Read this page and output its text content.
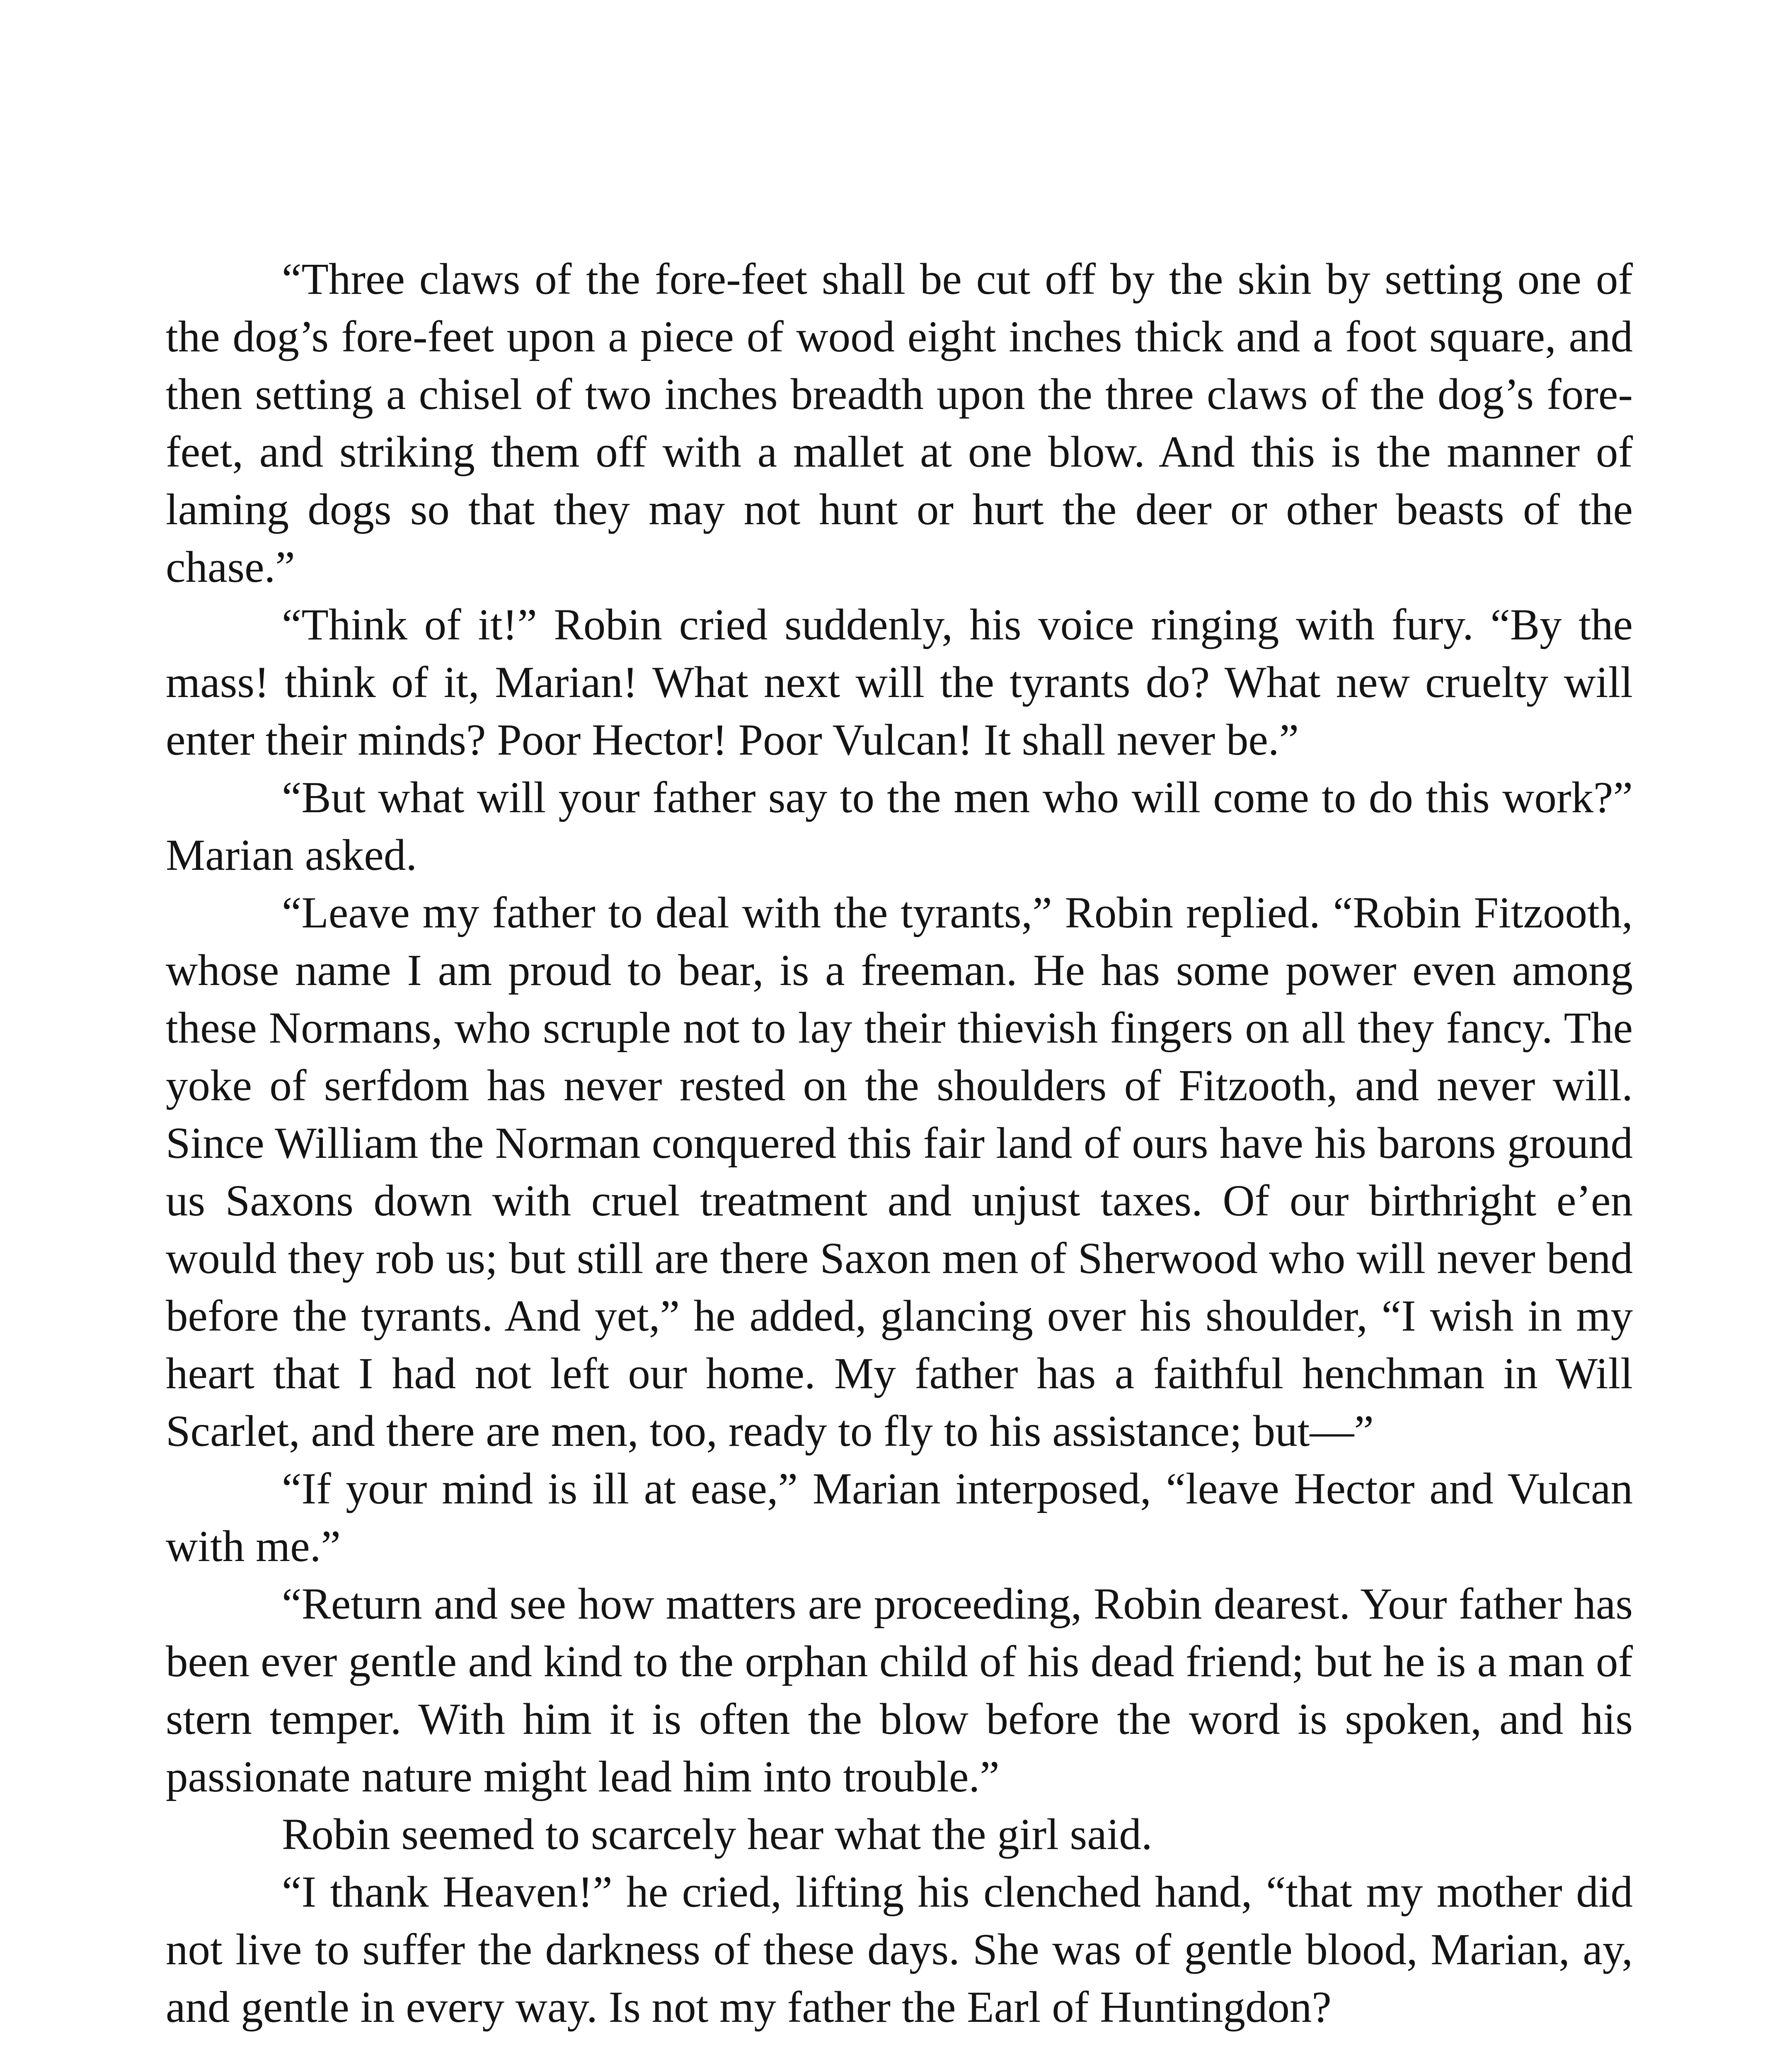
“Three claws of the fore-feet shall be cut off by the skin by setting one of the dog’s fore-feet upon a piece of wood eight inches thick and a foot square, and then setting a chisel of two inches breadth upon the three claws of the dog’s fore-feet, and striking them off with a mallet at one blow. And this is the manner of laming dogs so that they may not hunt or hurt the deer or other beasts of the chase.”

“Think of it!” Robin cried suddenly, his voice ringing with fury. “By the mass! think of it, Marian! What next will the tyrants do? What new cruelty will enter their minds? Poor Hector! Poor Vulcan! It shall never be.”

“But what will your father say to the men who will come to do this work?” Marian asked.

“Leave my father to deal with the tyrants,” Robin replied. “Robin Fitzooth, whose name I am proud to bear, is a freeman. He has some power even among these Normans, who scruple not to lay their thievish fingers on all they fancy. The yoke of serfdom has never rested on the shoulders of Fitzooth, and never will. Since William the Norman conquered this fair land of ours have his barons ground us Saxons down with cruel treatment and unjust taxes. Of our birthright e’en would they rob us; but still are there Saxon men of Sherwood who will never bend before the tyrants. And yet,” he added, glancing over his shoulder, “I wish in my heart that I had not left our home. My father has a faithful henchman in Will Scarlet, and there are men, too, ready to fly to his assistance; but—”

“If your mind is ill at ease,” Marian interposed, “leave Hector and Vulcan with me.”

“Return and see how matters are proceeding, Robin dearest. Your father has been ever gentle and kind to the orphan child of his dead friend; but he is a man of stern temper. With him it is often the blow before the word is spoken, and his passionate nature might lead him into trouble.”

Robin seemed to scarcely hear what the girl said.

“I thank Heaven!” he cried, lifting his clenched hand, “that my mother did not live to suffer the darkness of these days. She was of gentle blood, Marian, ay, and gentle in every way. Is not my father the Earl of Huntingdon?
